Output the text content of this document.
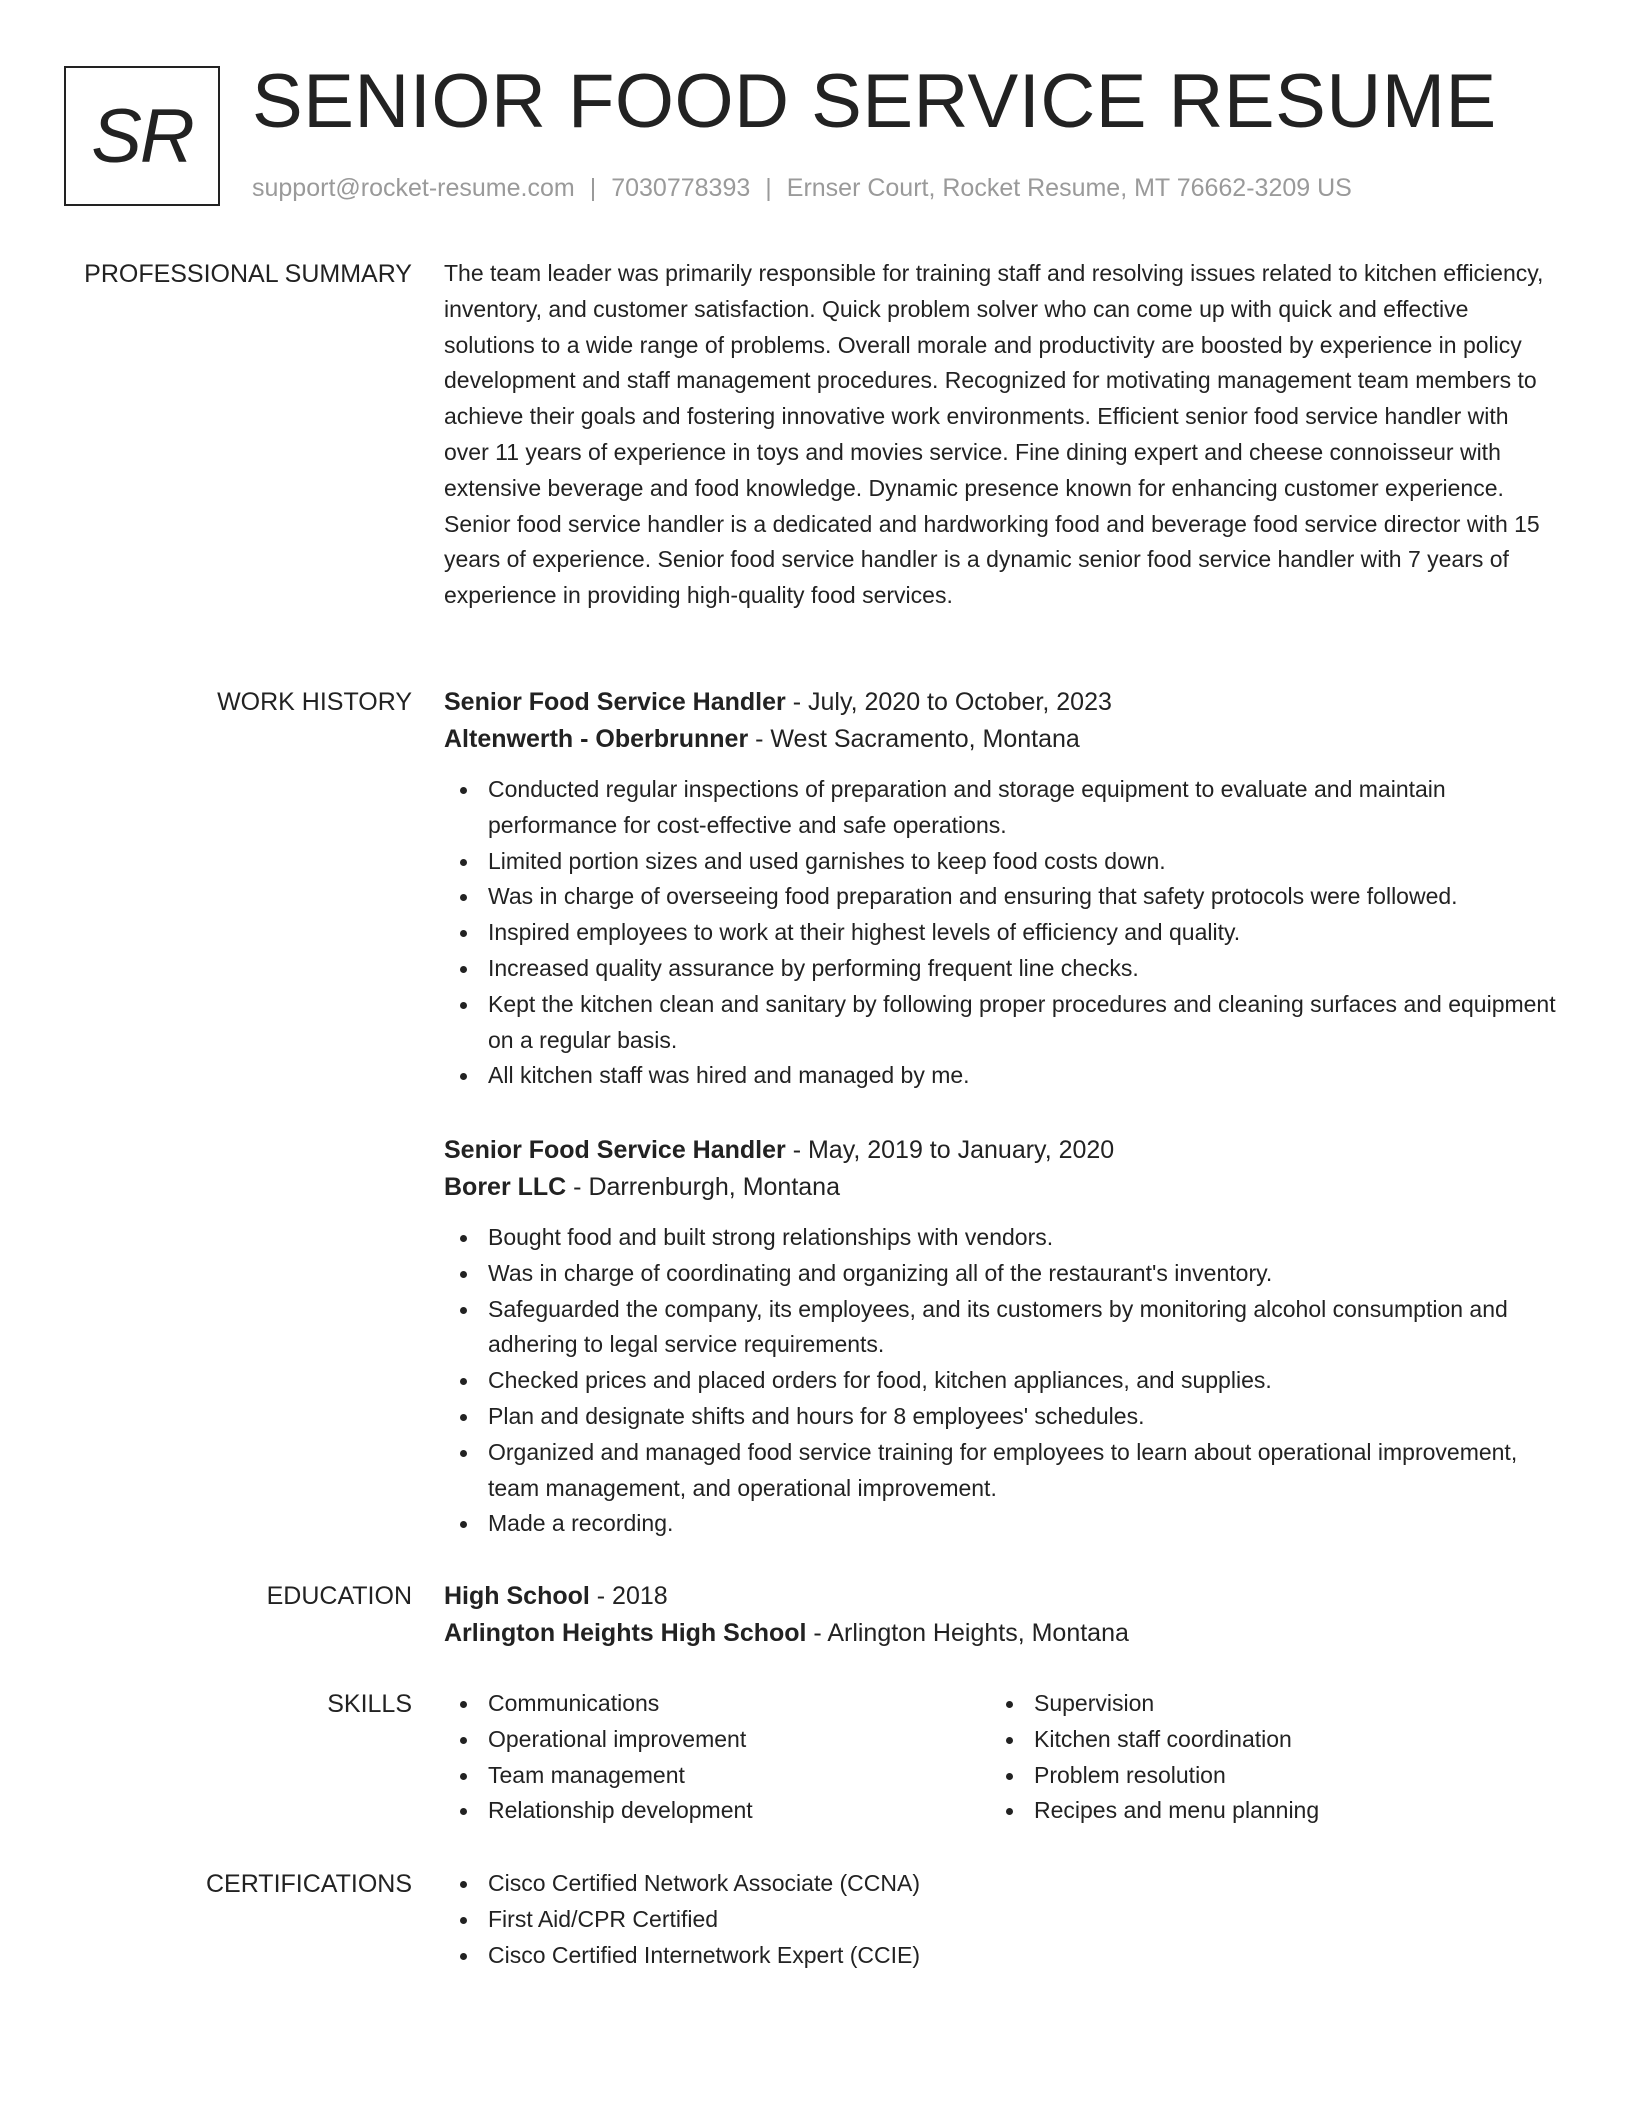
SR SENIOR FOOD SERVICE RESUME
support@rocket-resume.com | 7030778393 | Ernser Court, Rocket Resume, MT 76662-3209 US
PROFESSIONAL SUMMARY The team leader was primarily responsible for training staff and resolving issues related to kitchen efficiency, inventory, and customer satisfaction. Quick problem solver who can come up with quick and effective solutions to a wide range of problems. Overall morale and productivity are boosted by experience in policy development and staff management procedures. Recognized for motivating management team members to achieve their goals and fostering innovative work environments. Efficient senior food service handler with over 11 years of experience in toys and movies service. Fine dining expert and cheese connoisseur with extensive beverage and food knowledge. Dynamic presence known for enhancing customer experience. Senior food service handler is a dedicated and hardworking food and beverage food service director with 15 years of experience. Senior food service handler is a dynamic senior food service handler with 7 years of experience in providing high-quality food services.

WORK HISTORY Senior Food Service Handler - July, 2020 to October, 2023

Altenwerth - Oberbrunner - West Sacramento, Montana

Conducted regular inspections of preparation and storage equipment to evaluate and maintain performance for cost-effective and safe operations.
Limited portion sizes and used garnishes to keep food costs down.
Was in charge of overseeing food preparation and ensuring that safety protocols were followed.
Inspired employees to work at their highest levels of efficiency and quality.
Increased quality assurance by performing frequent line checks.
Kept the kitchen clean and sanitary by following proper procedures and cleaning surfaces and equipment on a regular basis.
All kitchen staff was hired and managed by me.

Senior Food Service Handler - May, 2019 to January, 2020

Borer LLC - Darrenburgh, Montana

Bought food and built strong relationships with vendors.
Was in charge of coordinating and organizing all of the restaurant's inventory.
Safeguarded the company, its employees, and its customers by monitoring alcohol consumption and adhering to legal service requirements.
Checked prices and placed orders for food, kitchen appliances, and supplies.
Plan and designate shifts and hours for 8 employees' schedules.
Organized and managed food service training for employees to learn about operational improvement, team management, and operational improvement.
Made a recording.
EDUCATION High School - 2018

Arlington Heights High School - Arlington Heights, Montana

SKILLS	Communications
Operational improvement
Team management
Relationship development
Supervision
Kitchen staff coordination
Problem resolution
Recipes and menu planning
CERTIFICATIONS	Cisco Certified Network Associate (CCNA)
First Aid/CPR Certified
Cisco Certified Internetwork Expert (CCIE)
